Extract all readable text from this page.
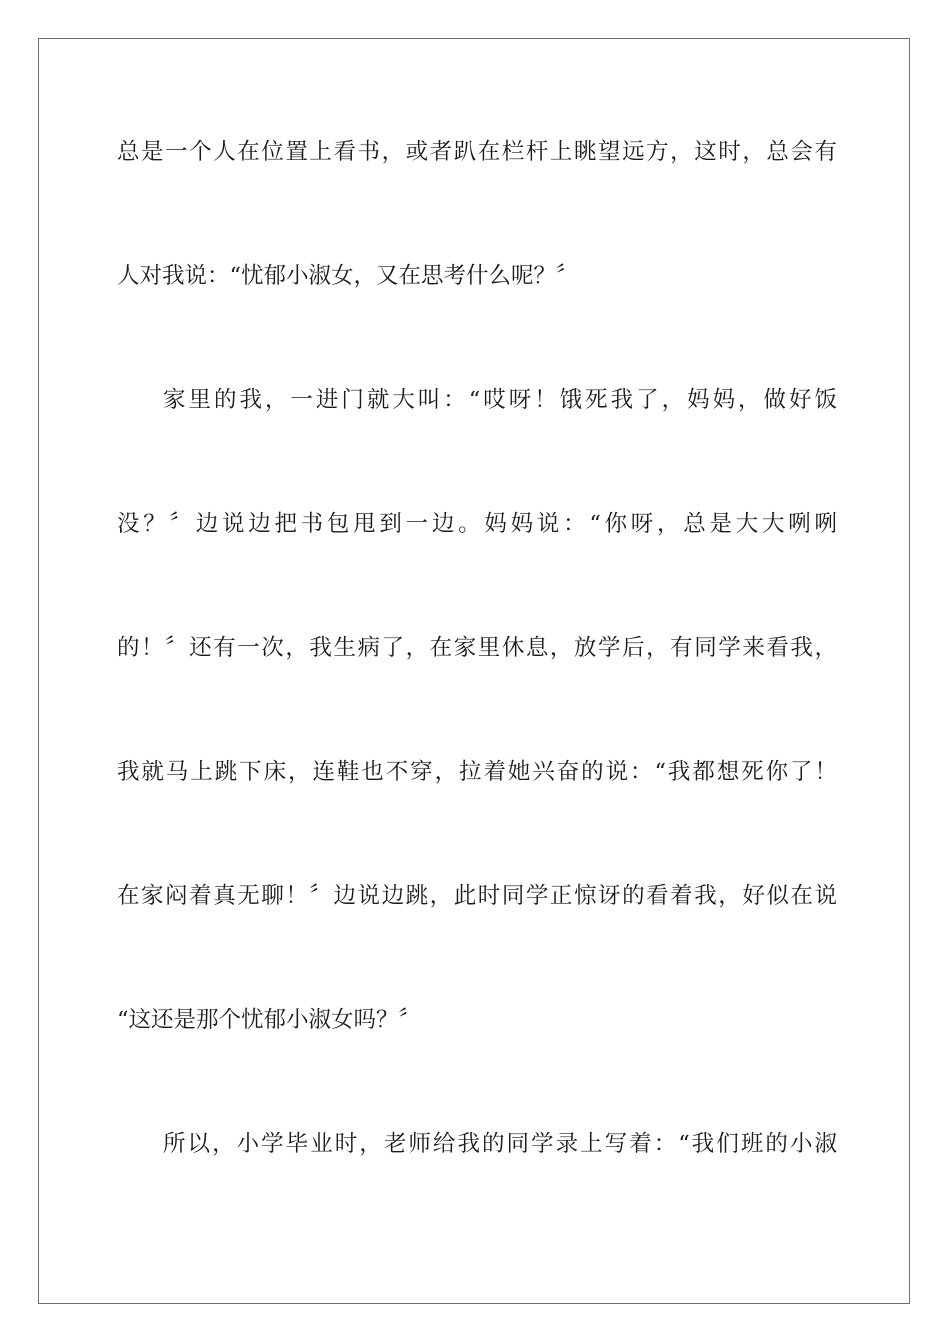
总是一个人在位置上看书，或者趴在栏杆上眺望远方，这时，总会有
人对我说：“忧郁小淑女，又在思考什么呢？〞
家里的我，一进门就大叫：“哎呀！饿死我了，妈妈，做好饭
没？〞边说边把书包甩到一边。妈妈说：“你呀，总是大大咧咧
的！〞还有一次，我生病了，在家里休息，放学后，有同学来看我，
我就马上跳下床，连鞋也不穿，拉着她兴奋的说：“我都想死你了！
在家闷着真无聊！〞边说边跳，此时同学正惊讶的看着我，好似在说
“这还是那个忧郁小淑女吗？〞
所以，小学毕业时，老师给我的同学录上写着：“我们班的小淑
